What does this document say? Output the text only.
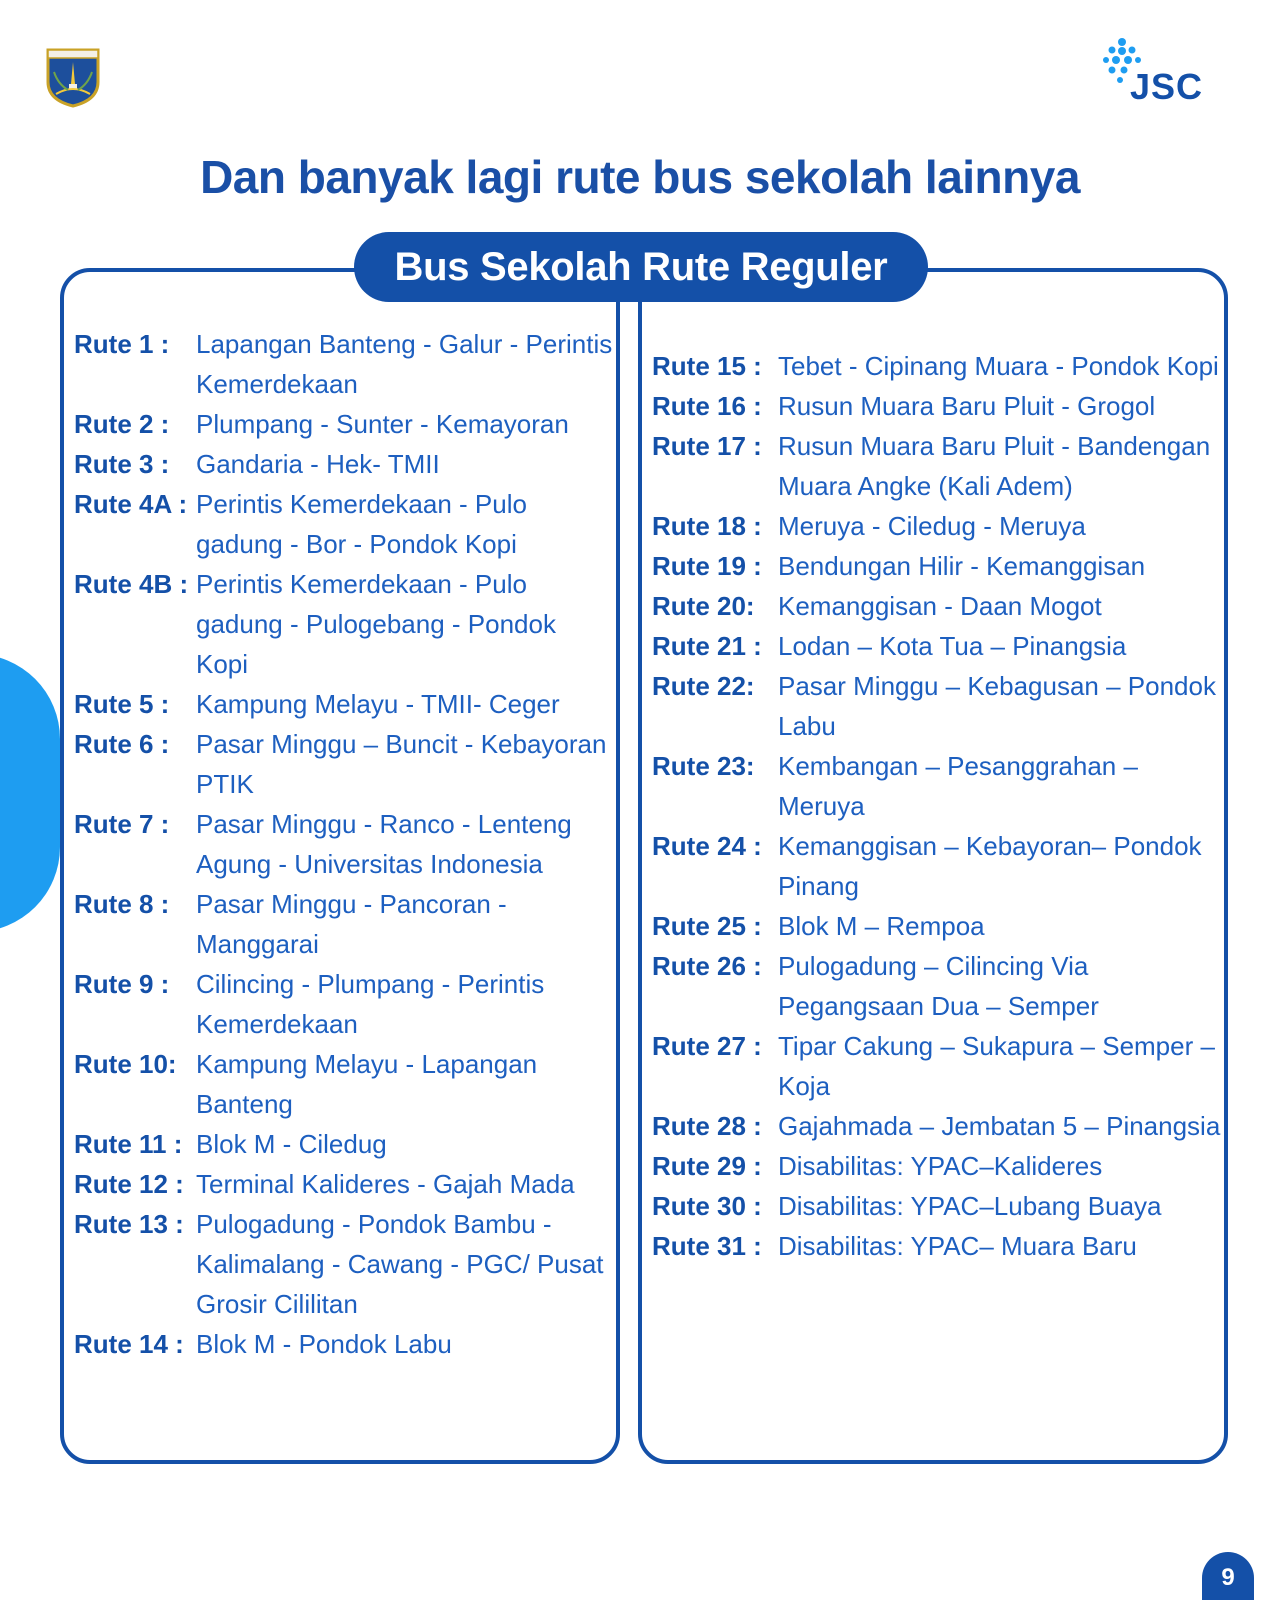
JSC
Dan banyak lagi rute bus sekolah lainnya
Bus Sekolah Rute Reguler
Rute 1 :	Lapangan Banteng - Galur - Perintis Kemerdekaan
Rute 2 :	Plumpang - Sunter - Kemayoran
Rute 3 :	Gandaria - Hek- TMII
Rute 4A : Perintis Kemerdekaan - Pulo gadung - Bor - Pondok Kopi
Rute 4B : Perintis Kemerdekaan - Pulo gadung - Pulogebang - Pondok Kopi
Rute 5 :	Kampung Melayu - TMII- Ceger
Rute 6 :	Pasar Minggu – Buncit - Kebayoran PTIK
Rute 7 :	Pasar Minggu - Ranco - Lenteng Agung - Universitas Indonesia
Rute 8 :	Pasar Minggu - Pancoran - Manggarai
Rute 9 :	Cilincing - Plumpang - Perintis Kemerdekaan
Rute 10: Kampung Melayu - Lapangan Banteng
Rute 11 : Blok M - Ciledug
Rute 12 : Terminal Kalideres - Gajah Mada
Rute 13 : Pulogadung - Pondok Bambu - Kalimalang - Cawang - PGC/ Pusat Grosir Cililitan
Rute 14 : Blok M - Pondok Labu
Rute 15 : Tebet - Cipinang Muara - Pondok Kopi
Rute 16 : Rusun Muara Baru Pluit - Grogol
Rute 17 : Rusun Muara Baru Pluit - Bandengan Muara Angke (Kali Adem)
Rute 18 : Meruya - Ciledug - Meruya
Rute 19 : Bendungan Hilir - Kemanggisan
Rute 20: Kemanggisan - Daan Mogot
Rute 21 : Lodan – Kota Tua – Pinangsia
Rute 22: Pasar Minggu – Kebagusan – Pondok Labu
Rute 23: Kembangan – Pesanggrahan – Meruya
Rute 24 : Kemanggisan – Kebayoran– Pondok Pinang
Rute 25 : Blok M – Rempoa
Rute 26 : Pulogadung – Cilincing Via Pegangsaan Dua – Semper
Rute 27 : Tipar Cakung – Sukapura – Semper – Koja
Rute 28 : Gajahmada – Jembatan 5 – Pinangsia
Rute 29 : Disabilitas: YPAC–Kalideres
Rute 30 : Disabilitas: YPAC–Lubang Buaya
Rute 31 : Disabilitas: YPAC– Muara Baru
9
